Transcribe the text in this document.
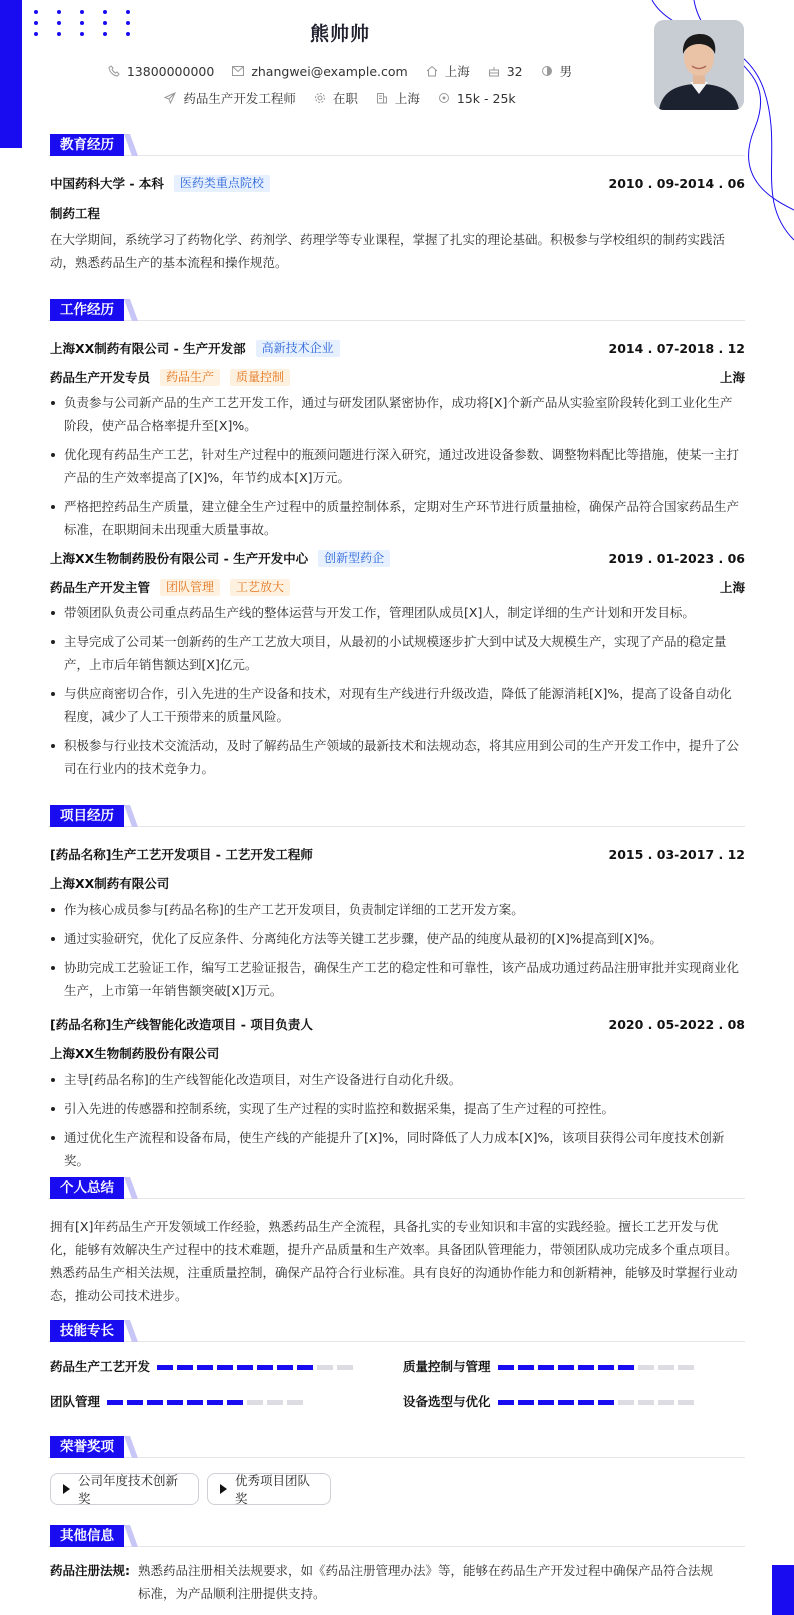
熊帅帅
13800000000	zhangwei@example.com	上海	32	男
药品生产开发工程师	在职	上海	15k - 25k
教育经历
中国药科大学 - 本科	医药类重点院校	2010 . 09-2014 . 06
制药工程
在大学期间，系统学习了药物化学、药剂学、药理学等专业课程，掌握了扎实的理论基础。积极参与学校组织的制药实践活动，熟悉药品生产的基本流程和操作规范。
工作经历
上海XX制药有限公司 - 生产开发部	高新技术企业	2014 . 07-2018 . 12
药品生产开发专员	药品生产	质量控制	上海
负责参与公司新产品的生产工艺开发工作，通过与研发团队紧密协作，成功将[X]个新产品从实验室阶段转化到工业化生产阶段，使产品合格率提升至[X]%。
优化现有药品生产工艺，针对生产过程中的瓶颈问题进行深入研究，通过改进设备参数、调整物料配比等措施，使某一主打产品的生产效率提高了[X]%，年节约成本[X]万元。
严格把控药品生产质量，建立健全生产过程中的质量控制体系，定期对生产环节进行质量抽检，确保产品符合国家药品生产标准，在职期间未出现重大质量事故。
上海XX生物制药股份有限公司 - 生产开发中心	创新型药企	2019 . 01-2023 . 06
药品生产开发主管	团队管理	工艺放大	上海
带领团队负责公司重点药品生产线的整体运营与开发工作，管理团队成员[X]人，制定详细的生产计划和开发目标。
主导完成了公司某一创新药的生产工艺放大项目，从最初的小试规模逐步扩大到中试及大规模生产，实现了产品的稳定量产，上市后年销售额达到[X]亿元。
与供应商密切合作，引入先进的生产设备和技术，对现有生产线进行升级改造，降低了能源消耗[X]%，提高了设备自动化程度，减少了人工干预带来的质量风险。
积极参与行业技术交流活动，及时了解药品生产领域的最新技术和法规动态，将其应用到公司的生产开发工作中，提升了公司在行业内的技术竞争力。
项目经历
[药品名称]生产工艺开发项目 - 工艺开发工程师	2015 . 03-2017 . 12
上海XX制药有限公司
作为核心成员参与[药品名称]的生产工艺开发项目，负责制定详细的工艺开发方案。
通过实验研究，优化了反应条件、分离纯化方法等关键工艺步骤，使产品的纯度从最初的[X]%提高到[X]%。
协助完成工艺验证工作，编写工艺验证报告，确保生产工艺的稳定性和可靠性，该产品成功通过药品注册审批并实现商业化生产，上市第一年销售额突破[X]万元。
[药品名称]生产线智能化改造项目 - 项目负责人	2020 . 05-2022 . 08
上海XX生物制药股份有限公司
主导[药品名称]的生产线智能化改造项目，对生产设备进行自动化升级。
引入先进的传感器和控制系统，实现了生产过程的实时监控和数据采集，提高了生产过程的可控性。
通过优化生产流程和设备布局，使生产线的产能提升了[X]%，同时降低了人力成本[X]%，该项目获得公司年度技术创新奖。
个人总结
拥有[X]年药品生产开发领域工作经验，熟悉药品生产全流程，具备扎实的专业知识和丰富的实践经验。擅长工艺开发与优化，能够有效解决生产过程中的技术难题，提升产品质量和生产效率。具备团队管理能力，带领团队成功完成多个重点项目。熟悉药品生产相关法规，注重质量控制，确保产品符合行业标准。具有良好的沟通协作能力和创新精神，能够及时掌握行业动态，推动公司技术进步。
技能专长
药品生产工艺开发	质量控制与管理
团队管理	设备选型与优化
荣誉奖项
公司年度技术创新奖
优秀项目团队奖
其他信息
药品注册法规: 熟悉药品注册相关法规要求，如《药品注册管理办法》等，能够在药品生产开发过程中确保产品符合法规标准，为产品顺利注册提供支持。
